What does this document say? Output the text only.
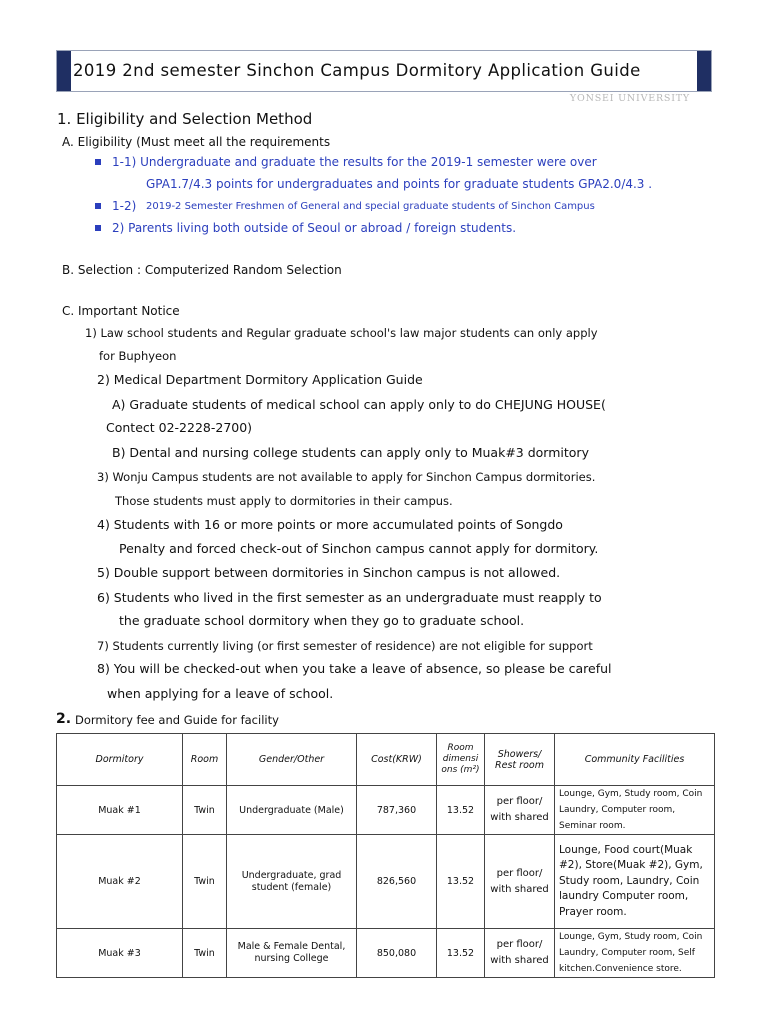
2019 2nd semester Sinchon Campus Dormitory Application Guide
YONSEI UNIVERSITY
1. Eligibility and Selection Method
A. Eligibility (Must meet all the requirements
1-1) Undergraduate and graduate the results for the 2019-1 semester were over
GPA1.7/4.3 points for undergraduates and points for graduate students GPA2.0/4.3 .
1-2) 2019-2 Semester Freshmen of General and special graduate students of Sinchon Campus
2) Parents living both outside of Seoul or abroad / foreign students.
B. Selection : Computerized Random Selection
C. Important Notice
1) Law school students and Regular graduate school's law major students can only apply
for Buphyeon
2) Medical Department Dormitory Application Guide
A) Graduate students of medical school can apply only to do CHEJUNG HOUSE(
Contect 02-2228-2700)
B) Dental and nursing college students can apply only to Muak#3 dormitory
3) Wonju Campus students are not available to apply for Sinchon Campus dormitories.
Those students must apply to dormitories in their campus.
4) Students with 16 or more points or more accumulated points of Songdo
Penalty and forced check-out of Sinchon campus cannot apply for dormitory.
5) Double support between dormitories in Sinchon campus is not allowed.
6) Students who lived in the first semester as an undergraduate must reapply to
the graduate school dormitory when they go to graduate school.
7) Students currently living (or first semester of residence) are not eligible for support
8) You will be checked-out when you take a leave of absence, so please be careful
when applying for a leave of school.
2. Dormitory fee and Guide for facility
Dormitory	Room	Gender/Other	Cost(KRW)	Room dimensi ons (m²)	Showers/ Rest room	Community Facilities
Muak #1	Twin	Undergraduate (Male)	787,360	13.52	per floor/ with shared	Lounge, Gym, Study room, Coin Laundry, Computer room, Seminar room.
Muak #2	Twin	Undergraduate, grad student (female)	826,560	13.52	per floor/ with shared	Lounge, Food court(Muak #2), Store(Muak #2), Gym, Study room, Laundry, Coin laundry Computer room, Prayer room.
Muak #3	Twin	Male & Female Dental, nursing College	850,080	13.52	per floor/ with shared	Lounge, Gym, Study room, Coin Laundry, Computer room, Self kitchen.Convenience store.
